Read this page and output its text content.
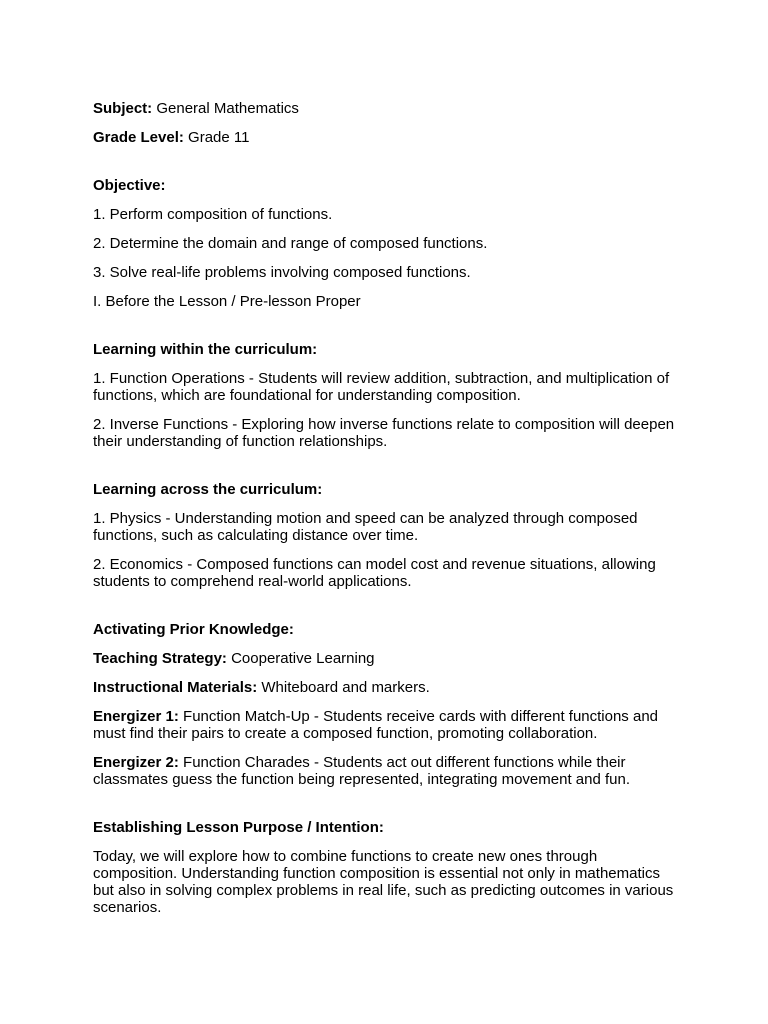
Subject: General Mathematics

Grade Level: Grade 11

Objective:

1. Perform composition of functions.

2. Determine the domain and range of composed functions.

3. Solve real-life problems involving composed functions.

I. Before the Lesson / Pre-lesson Proper

Learning within the curriculum:

1. Function Operations - Students will review addition, subtraction, and multiplication of functions, which are foundational for understanding composition.

2. Inverse Functions - Exploring how inverse functions relate to composition will deepen their understanding of function relationships.

Learning across the curriculum:

1. Physics - Understanding motion and speed can be analyzed through composed functions, such as calculating distance over time.

2. Economics - Composed functions can model cost and revenue situations, allowing students to comprehend real-world applications.

Activating Prior Knowledge:

Teaching Strategy: Cooperative Learning

Instructional Materials: Whiteboard and markers.

Energizer 1: Function Match-Up - Students receive cards with different functions and must find their pairs to create a composed function, promoting collaboration.

Energizer 2: Function Charades - Students act out different functions while their classmates guess the function being represented, integrating movement and fun.

Establishing Lesson Purpose / Intention:

Today, we will explore how to combine functions to create new ones through composition. Understanding function composition is essential not only in mathematics but also in solving complex problems in real life, such as predicting outcomes in various scenarios.
